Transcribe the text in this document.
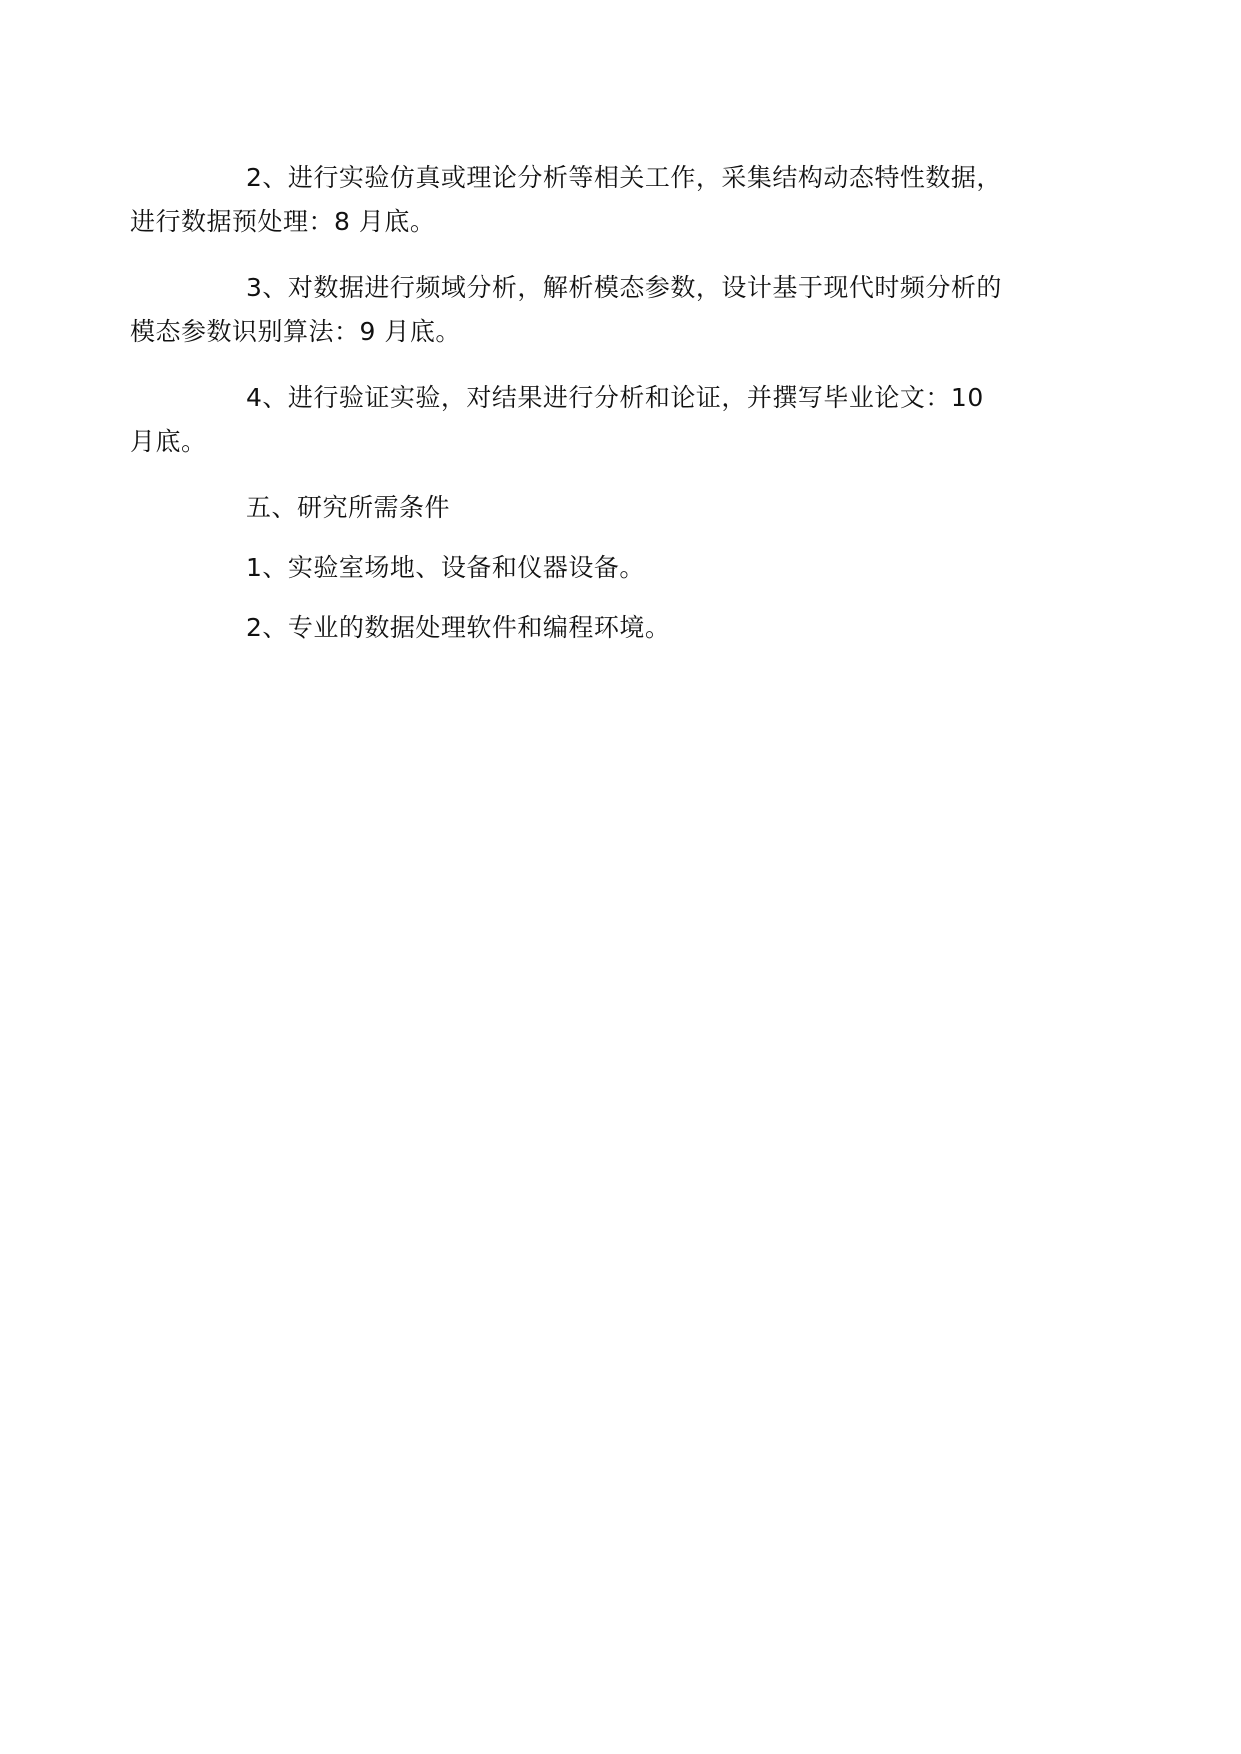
2、进行实验仿真或理论分析等相关工作，采集结构动态特性数据，
进行数据预处理：8 月底。

3、对数据进行频域分析，解析模态参数，设计基于现代时频分析的
模态参数识别算法：9 月底。

4、进行验证实验，对结果进行分析和论证，并撰写毕业论文：10
月底。

五、研究所需条件

1、实验室场地、设备和仪器设备。

2、专业的数据处理软件和编程环境。
